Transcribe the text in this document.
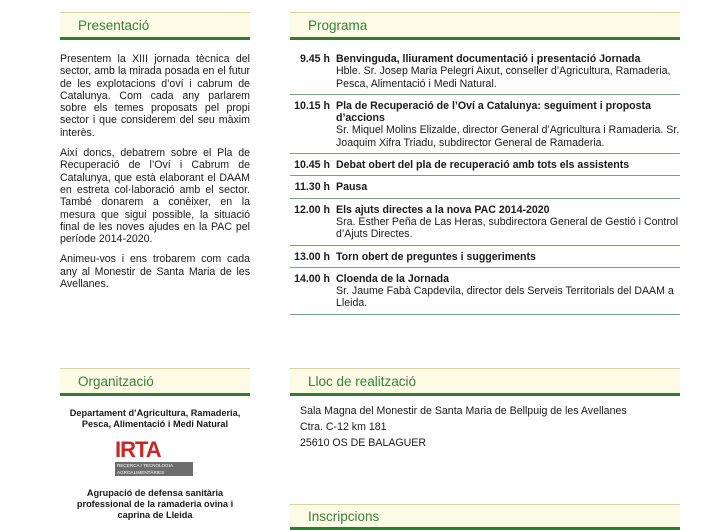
Presentació

Presentem la XIII jornada tècnica del sector, amb la mirada posada en el futur de les explotacions d’oví i cabrum de Catalunya. Com cada any parlarem sobre els temes proposats pel propi sector i que considerem del seu màxim interès.

Així doncs, debatrem sobre el Pla de Recuperació de l’Oví i Cabrum de Catalunya, que està elaborant el DAAM en estreta col·laboració amb el sector. També donarem a conèixer, en la mesura que sigui possible, la situació final de les noves ajudes en la PAC pel període 2014-2020.

Animeu-vos i ens trobarem com cada any al Monestir de Santa Maria de les Avellanes.

Programa
9.45 h Benvinguda, lliurament documentació i presentació Jornada
Hble. Sr. Josep Maria Pelegrí Aixut, conseller d’Agricultura, Ramaderia, Pesca, Alimentació i Medi Natural.
10.15 h Pla de Recuperació de l’Oví a Catalunya: seguiment i proposta d’accions
Sr. Miquel Molins Elizalde, director General d’Agricultura i Ramaderia. Sr. Joaquim Xifra Triadu, subdirector General de Ramaderia.
10.45 h Debat obert del pla de recuperació amb tots els assistents
11.30 h Pausa
12.00 h Els ajuts directes a la nova PAC 2014-2020
Sra. Esther Peña de Las Heras, subdirectora General de Gestió i Control d’Ajuts Directes.
13.00 h Torn obert de preguntes i suggeriments
14.00 h Cloenda de la Jornada
Sr. Jaume Fabà Capdevila, director dels Serveis Territorials del DAAM a Lleida.
Organització
Departament d’Agricultura, Ramaderia, Pesca, Alimentació i Medi Natural
IRTA
RECERCA I TECNOLOGIA AGROALIMENTÀRIES
Agrupació de defensa sanitària professional de la ramaderia ovina i caprina de Lleida
Lloc de realització
Sala Magna del Monestir de Santa Maria de Bellpuig de les Avellanes
Ctra. C-12 km 181
25610 OS DE BALAGUER
Inscripcions
